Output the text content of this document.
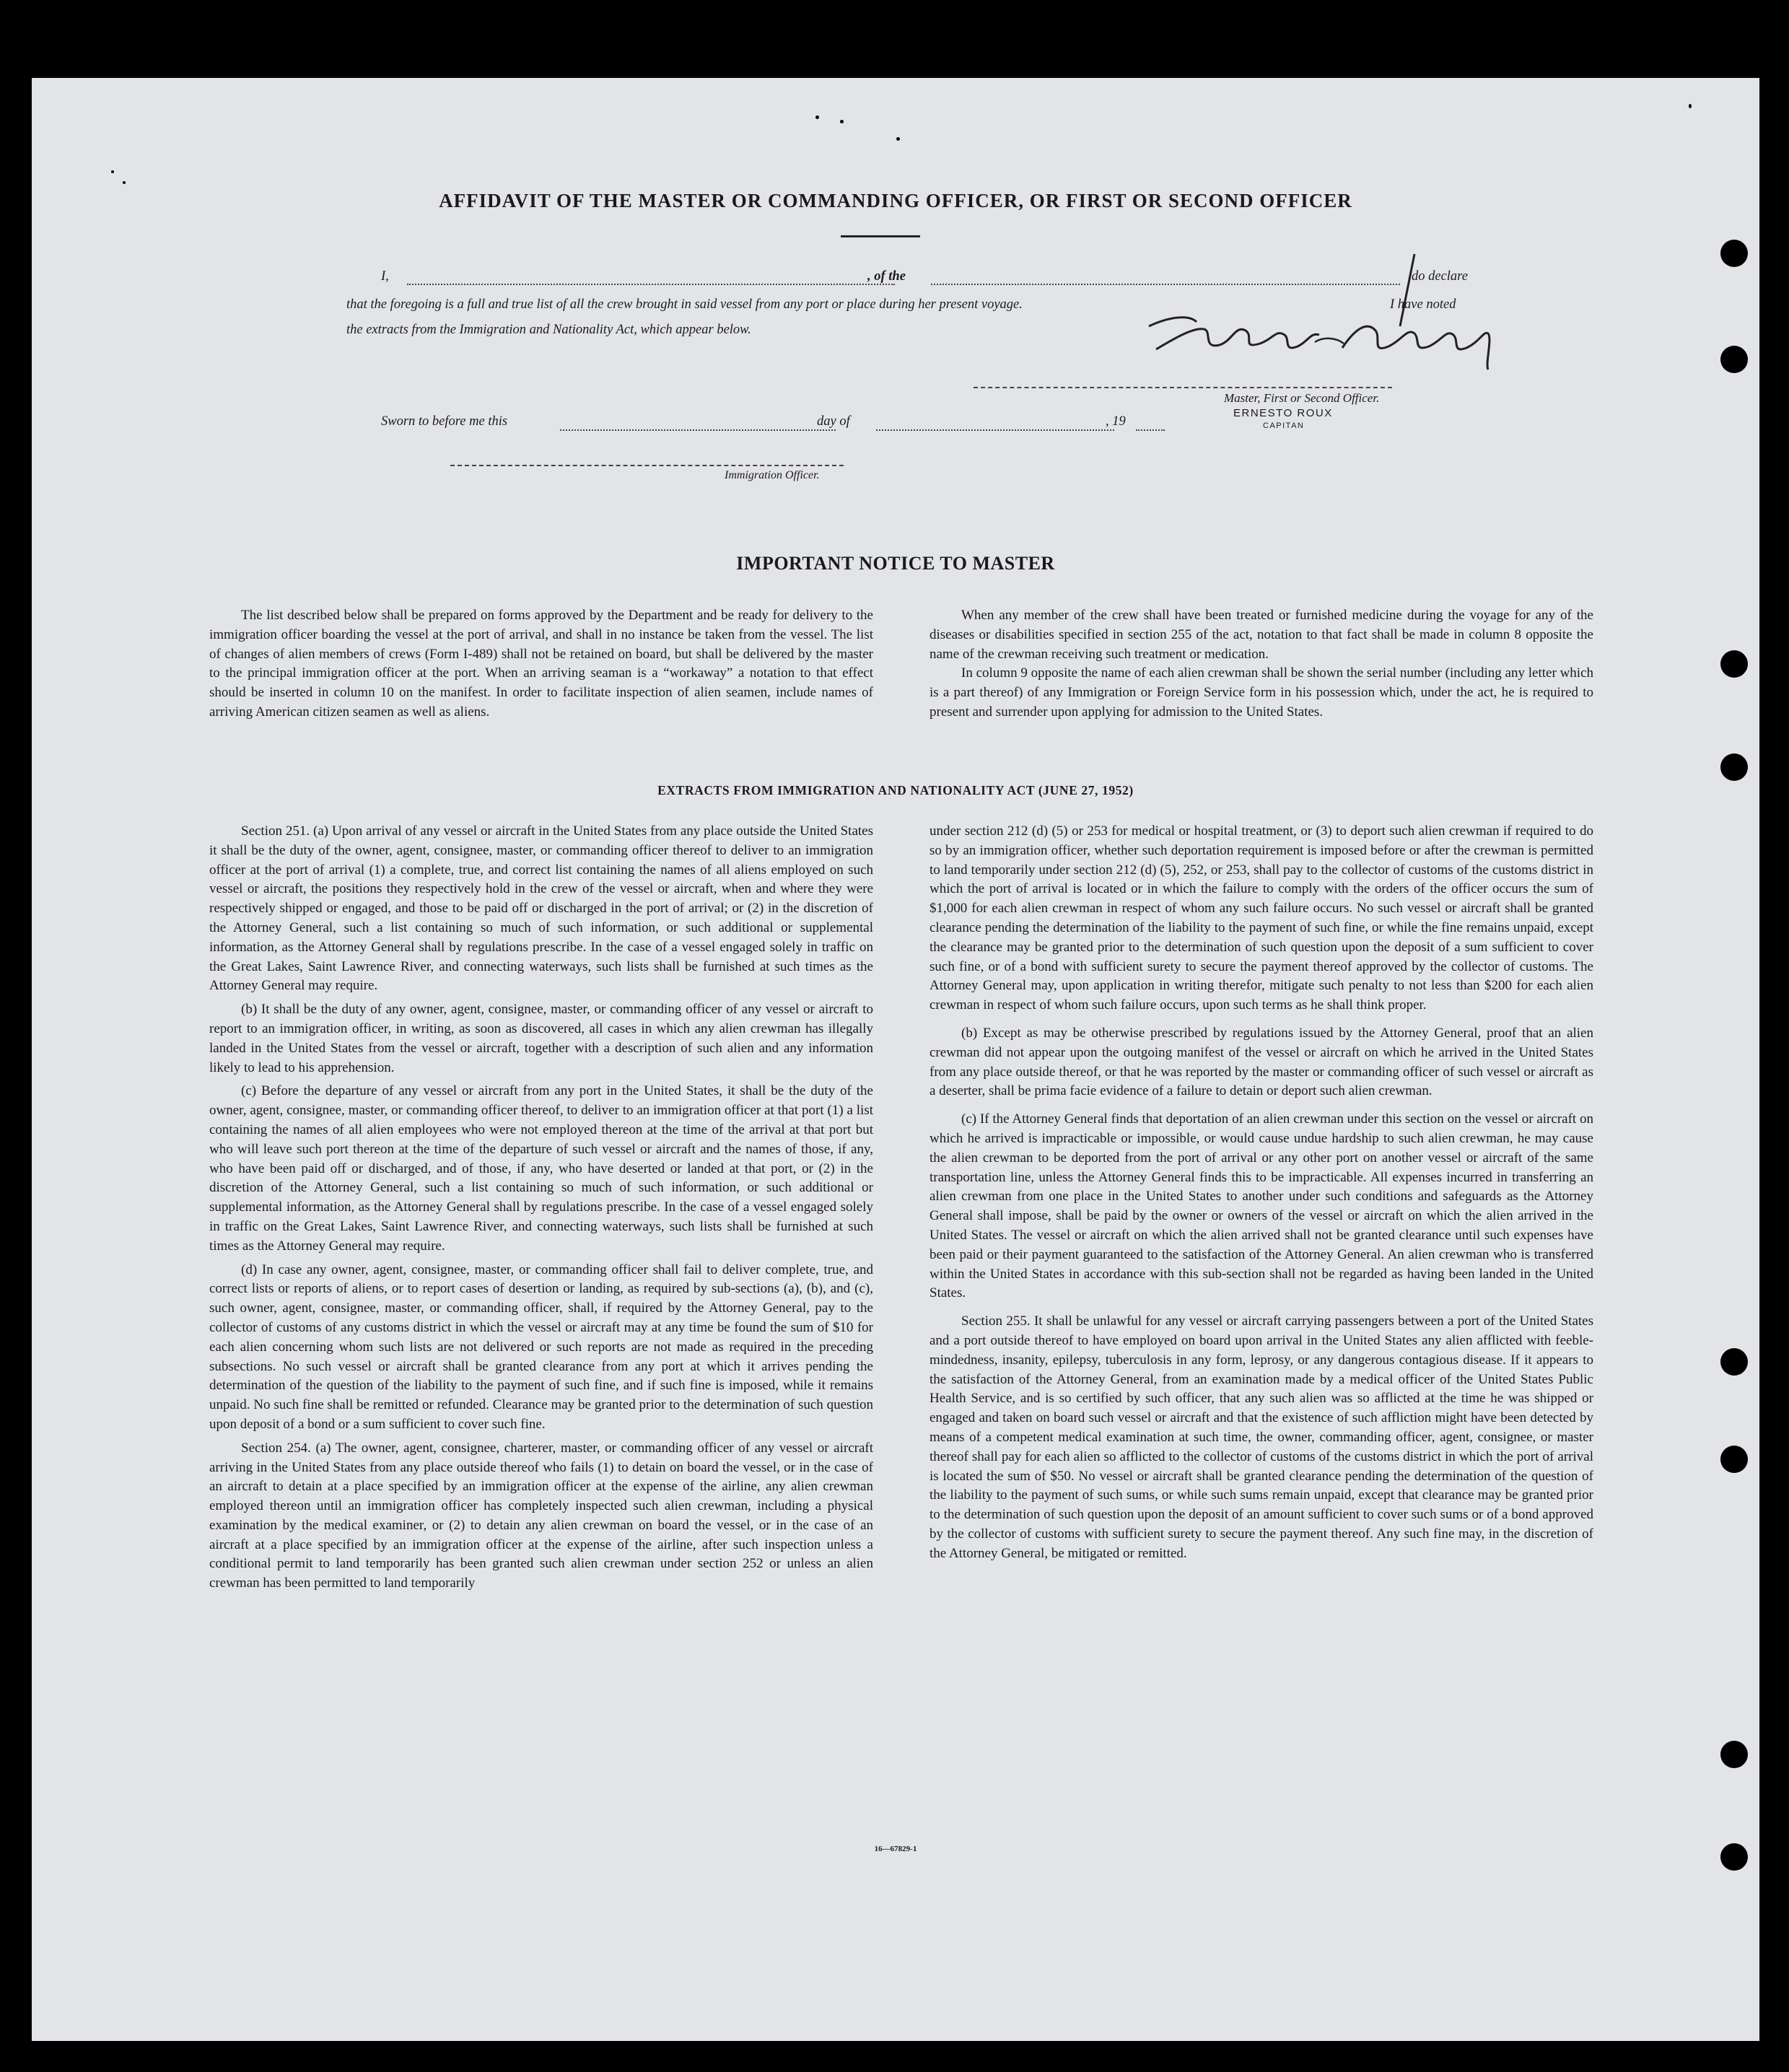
AFFIDAVIT OF THE MASTER OR COMMANDING OFFICER, OR FIRST OR SECOND OFFICER
I,	, of the	do declare
that the foregoing is a full and true list of all the crew brought in said vessel from any port or place during her present voyage.	I have noted
the extracts from the Immigration and Nationality Act, which appear below.
Master, First or Second Officer.
ERNESTO ROUX
CAPITAN
Sworn to before me this	day of	, 19
Immigration Officer.
IMPORTANT NOTICE TO MASTER

The list described below shall be prepared on forms approved by the Department and be ready for delivery to the immigration officer boarding the vessel at the port of arrival, and shall in no instance be taken from the vessel. The list of changes of alien members of crews (Form I-489) shall not be retained on board, but shall be delivered by the master to the principal immigration officer at the port. When an arriving seaman is a “workaway” a notation to that effect should be inserted in column 10 on the manifest. In order to facilitate inspection of alien seamen, include names of arriving American citizen seamen as well as aliens.

When any member of the crew shall have been treated or furnished medicine during the voyage for any of the diseases or disabilities specified in section 255 of the act, notation to that fact shall be made in column 8 opposite the name of the crewman receiving such treatment or medication.

In column 9 opposite the name of each alien crewman shall be shown the serial number (including any letter which is a part thereof) of any Immigration or Foreign Service form in his possession which, under the act, he is required to present and surrender upon applying for admission to the United States.

EXTRACTS FROM IMMIGRATION AND NATIONALITY ACT (JUNE 27, 1952)

Section 251. (a) Upon arrival of any vessel or aircraft in the United States from any place outside the United States it shall be the duty of the owner, agent, consignee, master, or commanding officer thereof to deliver to an immigration officer at the port of arrival (1) a complete, true, and correct list containing the names of all aliens employed on such vessel or aircraft, the positions they respectively hold in the crew of the vessel or aircraft, when and where they were respectively shipped or engaged, and those to be paid off or discharged in the port of arrival; or (2) in the discretion of the Attorney General, such a list containing so much of such information, or such additional or supplemental information, as the Attorney General shall by regulations prescribe. In the case of a vessel engaged solely in traffic on the Great Lakes, Saint Lawrence River, and connecting waterways, such lists shall be furnished at such times as the Attorney General may require.

(b) It shall be the duty of any owner, agent, consignee, master, or commanding officer of any vessel or aircraft to report to an immigration officer, in writing, as soon as discovered, all cases in which any alien crewman has illegally landed in the United States from the vessel or aircraft, together with a description of such alien and any information likely to lead to his apprehension.

(c) Before the departure of any vessel or aircraft from any port in the United States, it shall be the duty of the owner, agent, consignee, master, or commanding officer thereof, to deliver to an immigration officer at that port (1) a list containing the names of all alien employees who were not employed thereon at the time of the arrival at that port but who will leave such port thereon at the time of the departure of such vessel or aircraft and the names of those, if any, who have been paid off or discharged, and of those, if any, who have deserted or landed at that port, or (2) in the discretion of the Attorney General, such a list containing so much of such information, or such additional or supplemental information, as the Attorney General shall by regulations prescribe. In the case of a vessel engaged solely in traffic on the Great Lakes, Saint Lawrence River, and connecting waterways, such lists shall be furnished at such times as the Attorney General may require.

(d) In case any owner, agent, consignee, master, or commanding officer shall fail to deliver complete, true, and correct lists or reports of aliens, or to report cases of desertion or landing, as required by sub-sections (a), (b), and (c), such owner, agent, consignee, master, or commanding officer, shall, if required by the Attorney General, pay to the collector of customs of any customs district in which the vessel or aircraft may at any time be found the sum of $10 for each alien concerning whom such lists are not delivered or such reports are not made as required in the preceding subsections. No such vessel or aircraft shall be granted clearance from any port at which it arrives pending the determination of the question of the liability to the payment of such fine, and if such fine is imposed, while it remains unpaid. No such fine shall be remitted or refunded. Clearance may be granted prior to the determination of such question upon deposit of a bond or a sum sufficient to cover such fine.

Section 254. (a) The owner, agent, consignee, charterer, master, or commanding officer of any vessel or aircraft arriving in the United States from any place outside thereof who fails (1) to detain on board the vessel, or in the case of an aircraft to detain at a place specified by an immigration officer at the expense of the airline, any alien crewman employed thereon until an immigration officer has completely inspected such alien crewman, including a physical examination by the medical examiner, or (2) to detain any alien crewman on board the vessel, or in the case of an aircraft at a place specified by an immigration officer at the expense of the airline, after such inspection unless a conditional permit to land temporarily has been granted such alien crewman under section 252 or unless an alien crewman has been permitted to land temporarily

under section 212 (d) (5) or 253 for medical or hospital treatment, or (3) to deport such alien crewman if required to do so by an immigration officer, whether such deportation requirement is imposed before or after the crewman is permitted to land temporarily under section 212 (d) (5), 252, or 253, shall pay to the collector of customs of the customs district in which the port of arrival is located or in which the failure to comply with the orders of the officer occurs the sum of $1,000 for each alien crewman in respect of whom any such failure occurs. No such vessel or aircraft shall be granted clearance pending the determination of the liability to the payment of such fine, or while the fine remains unpaid, except the clearance may be granted prior to the determination of such question upon the deposit of a sum sufficient to cover such fine, or of a bond with sufficient surety to secure the payment thereof approved by the collector of customs. The Attorney General may, upon application in writing therefor, mitigate such penalty to not less than $200 for each alien crewman in respect of whom such failure occurs, upon such terms as he shall think proper.

(b) Except as may be otherwise prescribed by regulations issued by the Attorney General, proof that an alien crewman did not appear upon the outgoing manifest of the vessel or aircraft on which he arrived in the United States from any place outside thereof, or that he was reported by the master or commanding officer of such vessel or aircraft as a deserter, shall be prima facie evidence of a failure to detain or deport such alien crewman.

(c) If the Attorney General finds that deportation of an alien crewman under this section on the vessel or aircraft on which he arrived is impracticable or impossible, or would cause undue hardship to such alien crewman, he may cause the alien crewman to be deported from the port of arrival or any other port on another vessel or aircraft of the same transportation line, unless the Attorney General finds this to be impracticable. All expenses incurred in transferring an alien crewman from one place in the United States to another under such conditions and safeguards as the Attorney General shall impose, shall be paid by the owner or owners of the vessel or aircraft on which the alien arrived in the United States. The vessel or aircraft on which the alien arrived shall not be granted clearance until such expenses have been paid or their payment guaranteed to the satisfaction of the Attorney General. An alien crewman who is transferred within the United States in accordance with this sub-section shall not be regarded as having been landed in the United States.

Section 255. It shall be unlawful for any vessel or aircraft carrying passengers between a port of the United States and a port outside thereof to have employed on board upon arrival in the United States any alien afflicted with feeble-mindedness, insanity, epilepsy, tuberculosis in any form, leprosy, or any dangerous contagious disease. If it appears to the satisfaction of the Attorney General, from an examination made by a medical officer of the United States Public Health Service, and is so certified by such officer, that any such alien was so afflicted at the time he was shipped or engaged and taken on board such vessel or aircraft and that the existence of such affliction might have been detected by means of a competent medical examination at such time, the owner, commanding officer, agent, consignee, or master thereof shall pay for each alien so afflicted to the collector of customs of the customs district in which the port of arrival is located the sum of $50. No vessel or aircraft shall be granted clearance pending the determination of the question of the liability to the payment of such sums, or while such sums remain unpaid, except that clearance may be granted prior to the determination of such question upon the deposit of an amount sufficient to cover such sums or of a bond approved by the collector of customs with sufficient surety to secure the payment thereof. Any such fine may, in the discretion of the Attorney General, be mitigated or remitted.

16—67829-1
